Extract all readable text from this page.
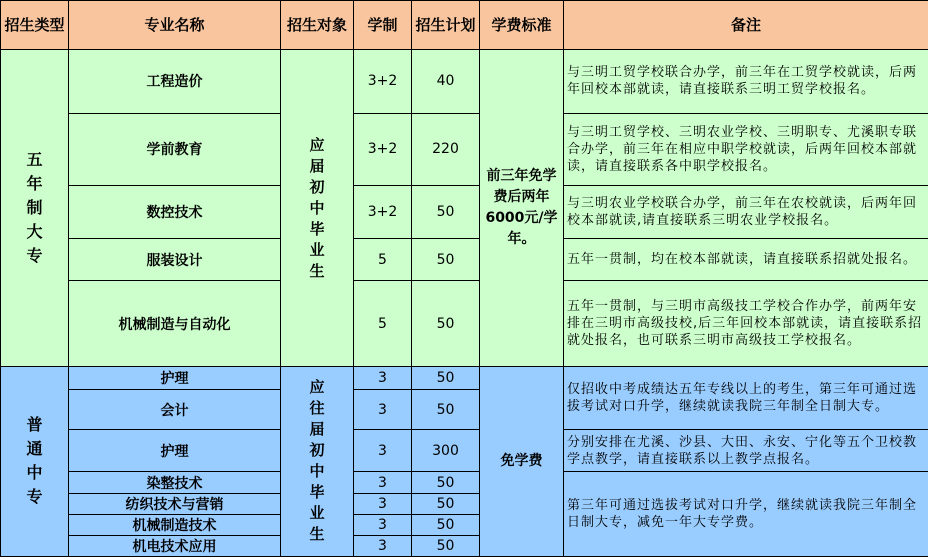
招生类型	专业名称	招生对象	学制	招生计划	学费标准	备注
五年制大专	工程造价	应届初中毕业生	3+2	40	前三年免学费后两年6000元/学年。	与三明工贸学校联合办学，前三年在工贸学校就读，后两年回校本部就读，请直接联系三明工贸学校报名。
	学前教育		3+2	220		与三明工贸学校、三明农业学校、三明职专、尤溪职专联合办学，前三年在相应中职学校就读，后两年回校本部就读，请直接联系各中职学校报名。
	数控技术		3+2	50		与三明农业学校联合办学，前三年在农校就读，后两年回校本部就读,请直接联系三明农业学校报名。
	服装设计		5	50		五年一贯制，均在校本部就读，请直接联系招就处报名。
	机械制造与自动化		5	50		五年一贯制，与三明市高级技工学校合作办学，前两年安排在三明市高级技校,后三年回校本部就读，请直接联系招就处报名，也可联系三明市高级技工学校报名。
普通中专	护理	应往届初中毕业生	3	50	免学费	仅招收中考成绩达五年专线以上的考生，第三年可通过选拔考试对口升学，继续就读我院三年制全日制大专。
	会计		3	50		
	护理		3	300		分别安排在尤溪、沙县、大田、永安、宁化等五个卫校教学点教学，请直接联系以上教学点报名。
	染整技术		3	50		第三年可通过选拔考试对口升学，继续就读我院三年制全日制大专，减免一年大专学费。
	纺织技术与营销		3	50		
	机械制造技术		3	50		
	机电技术应用		3	50		
